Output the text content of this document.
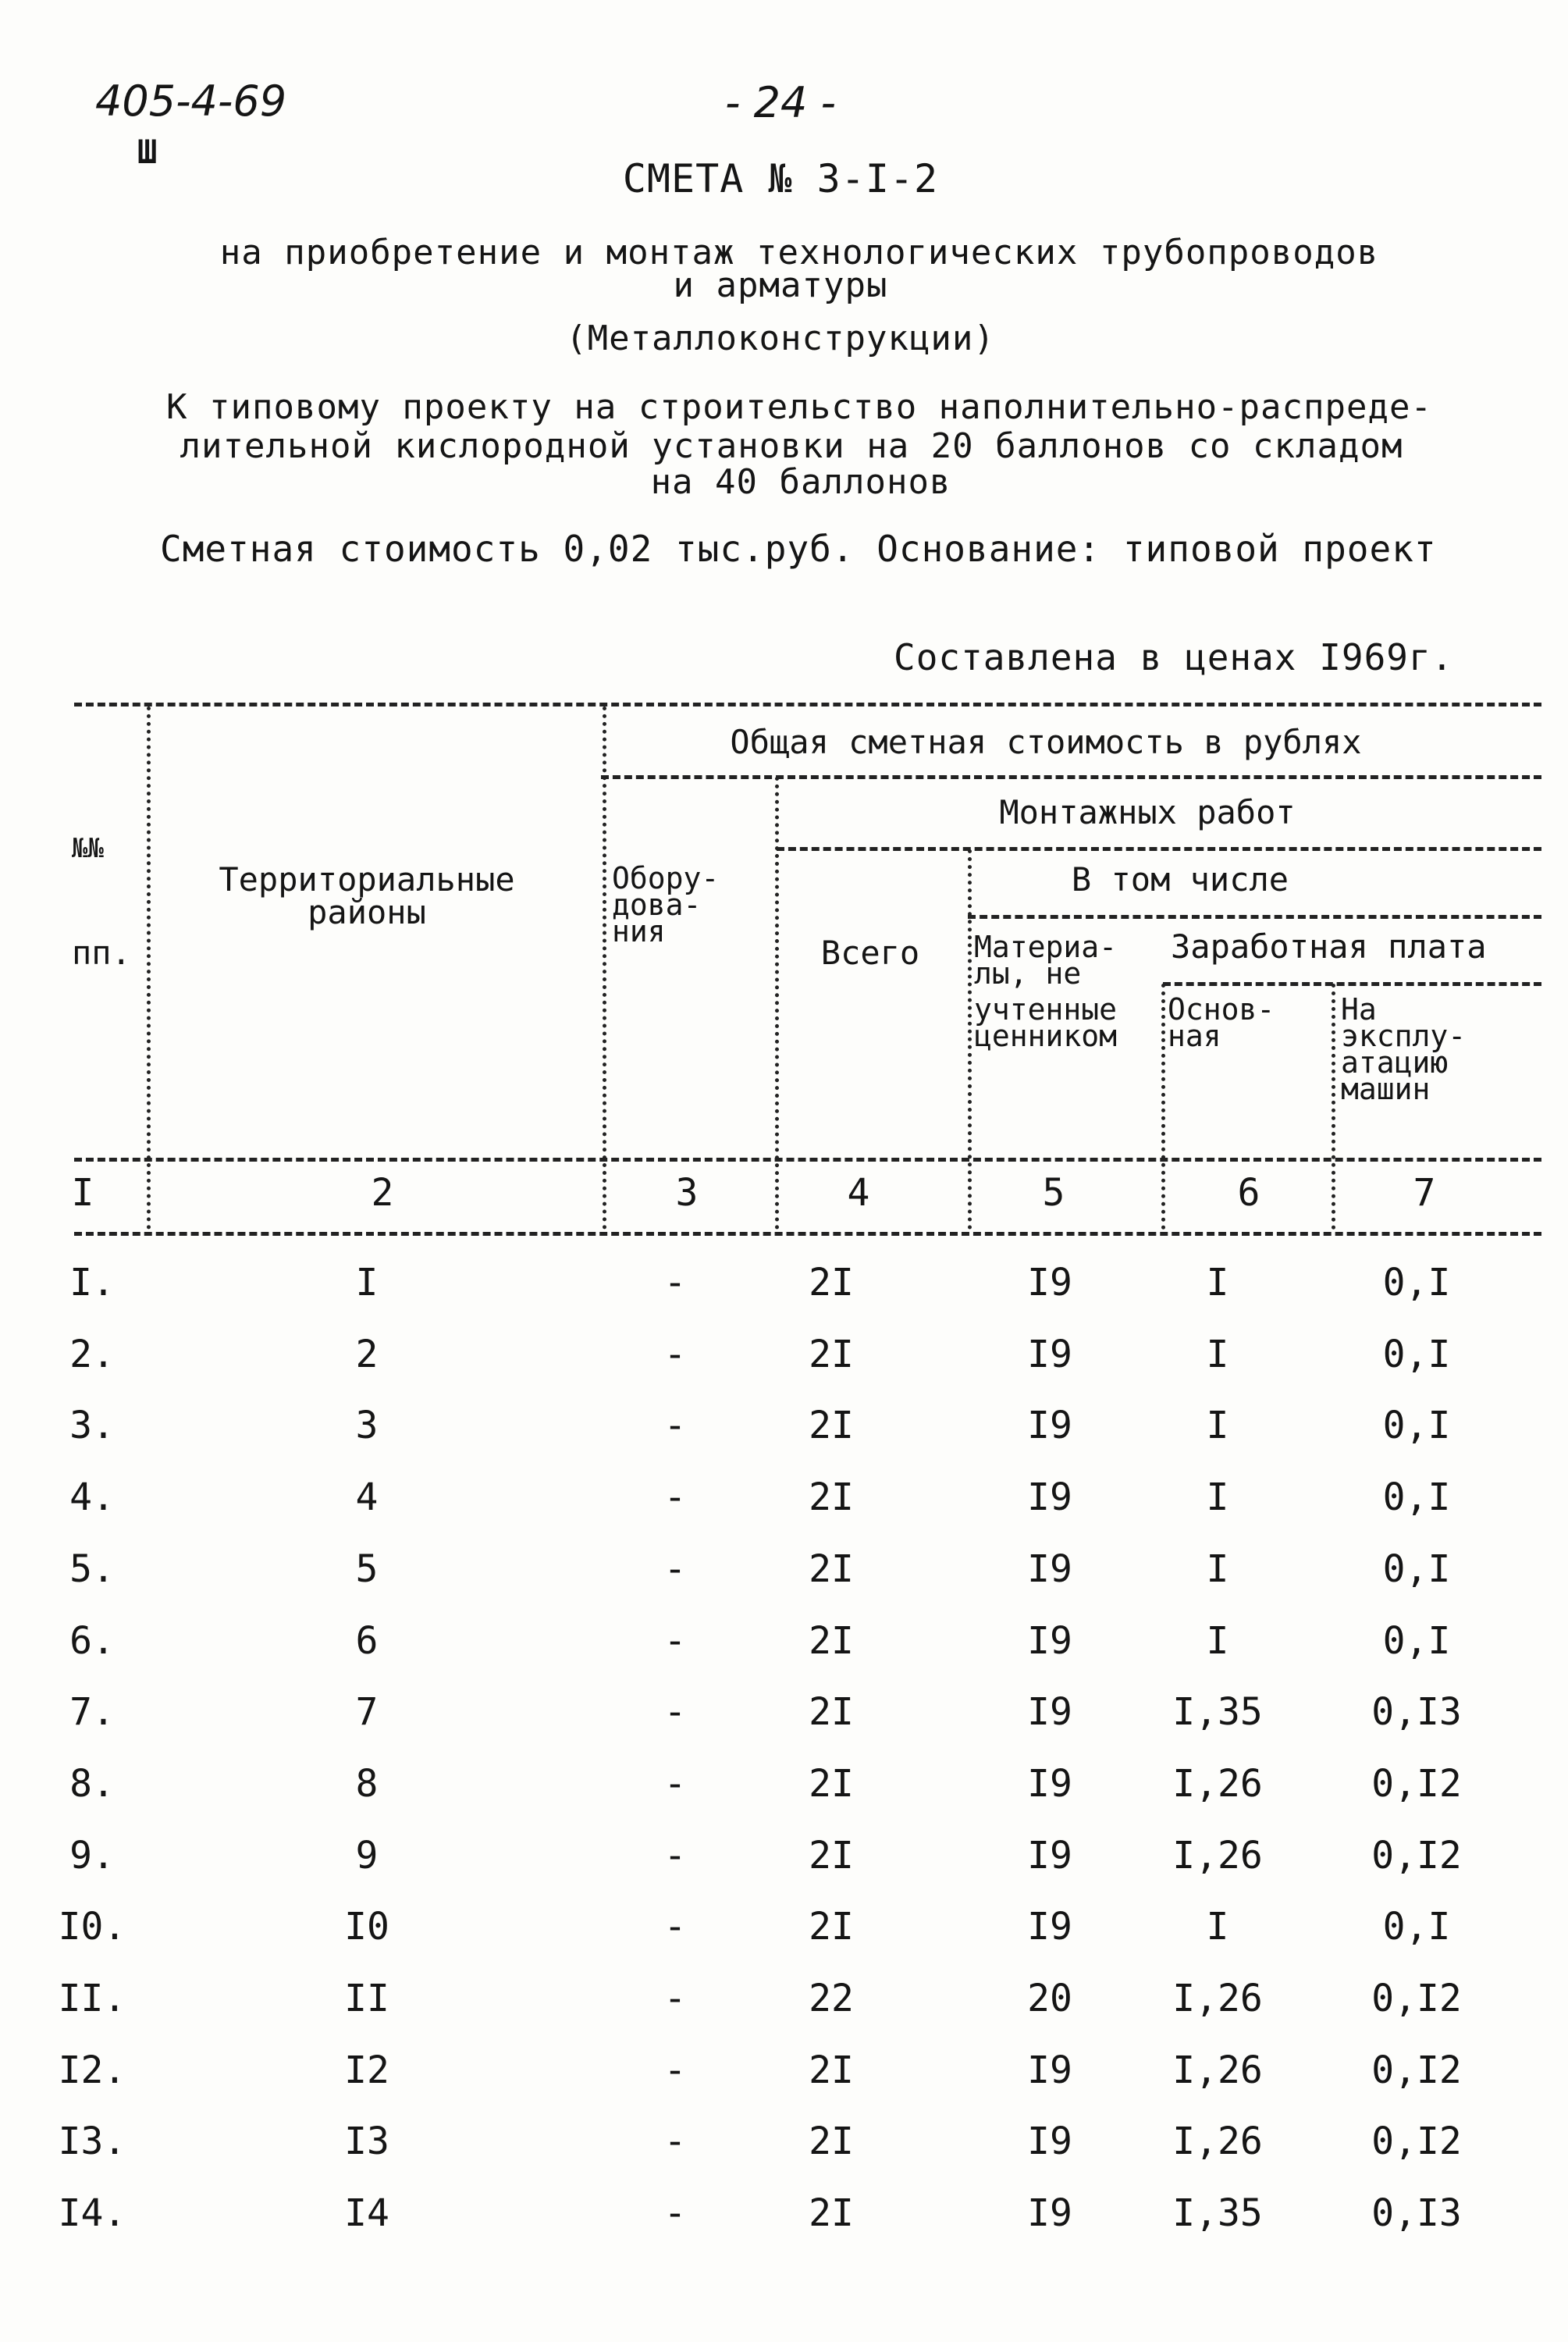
405-4-69
Ш
- 24 -
СМЕТА № 3-I-2
на приобретение и монтаж технологических трубопроводов
и арматуры
(Металлоконструкции)
К типовому проекту на строительство наполнительно-распреде-
лительной кислородной установки на 20 баллонов со складом
на 40 баллонов
Сметная стоимость 0,02 тыс.руб. Основание: типовой проект
Составлена в ценах I969г.
№№
пп.
Территориальные
районы
Общая сметная стоимость в рублях
Обору-
дова-
ния
Монтажных работ
Всего
В том числе
Материа-
лы, не
учтенные
ценником
Заработная плата
Основ-
ная
На
эксплу-
атацию
машин
I	2	3	4	5	6	7
I.	I	-	2I	I9	I	0,I
2.	2	-	2I	I9	I	0,I
3.	3	-	2I	I9	I	0,I
4.	4	-	2I	I9	I	0,I
5.	5	-	2I	I9	I	0,I
6.	6	-	2I	I9	I	0,I
7.	7	-	2I	I9	I,35	0,I3
8.	8	-	2I	I9	I,26	0,I2
9.	9	-	2I	I9	I,26	0,I2
I0.	I0	-	2I	I9	I	0,I
II.	II	-	22	20	I,26	0,I2
I2.	I2	-	2I	I9	I,26	0,I2
I3.	I3	-	2I	I9	I,26	0,I2
I4.	I4	-	2I	I9	I,35	0,I3
